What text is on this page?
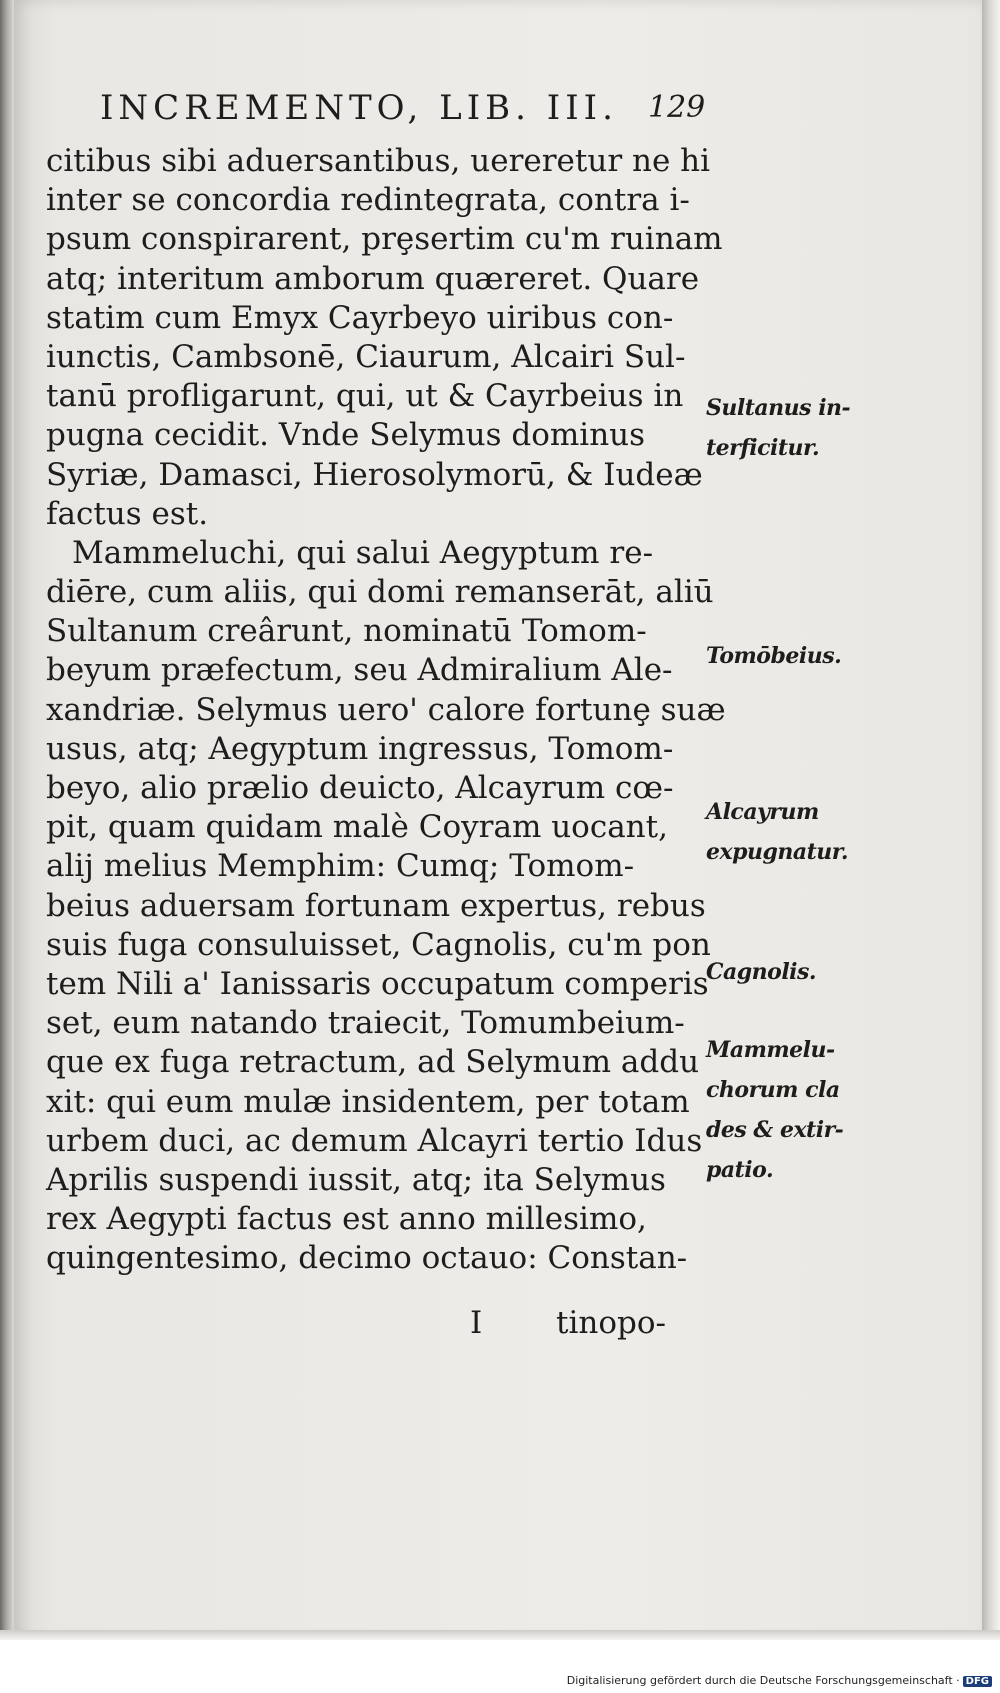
INCREMENTO, LIB. III.	129
citibus sibi aduersantibus, uereretur ne hi
inter se concordia redintegrata, contra i-
psum conspirarent, prȩsertim cu'm ruinam
atq; interitum amborum quæreret. Quare
statim cum Emyx Cayrbeyo uiribus con-
iunctis, Cambsonē, Ciaurum, Alcairi Sul-
tanū profligarunt, qui, ut & Cayrbeius in
pugna cecidit. Vnde Selymus dominus
Syriæ, Damasci, Hierosolymorū, & Iudeæ
factus est.
Mammeluchi, qui salui Aegyptum re-
diēre, cum aliis, qui domi remanserāt, aliū
Sultanum creârunt, nominatū Tomom-
beyum præfectum, seu Admiralium Ale-
xandriæ. Selymus uero' calore fortunȩ suæ
usus, atq; Aegyptum ingressus, Tomom-
beyo, alio prælio deuicto, Alcayrum cœ-
pit, quam quidam malè Coyram uocant,
alij melius Memphim: Cumq; Tomom-
beius aduersam fortunam expertus, rebus
suis fuga consuluisset, Cagnolis, cu'm pon
tem Nili a' Ianissaris occupatum comperis
set, eum natando traiecit, Tomumbeium-
que ex fuga retractum, ad Selymum addu
xit: qui eum mulæ insidentem, per totam
urbem duci, ac demum Alcayri tertio Idus
Aprilis suspendi iussit, atq; ita Selymus
rex Aegypti factus est anno millesimo,
quingentesimo, decimo octauo: Constan-
I tinopo-
Sultanus in-
terficitur.
Tomōbeius.
Alcayrum
expugnatur.
Cagnolis.
Mammelu-
chorum cla
des & extir-
patio.
Digitalisierung gefördert durch die Deutsche Forschungsgemeinschaft · DFG
